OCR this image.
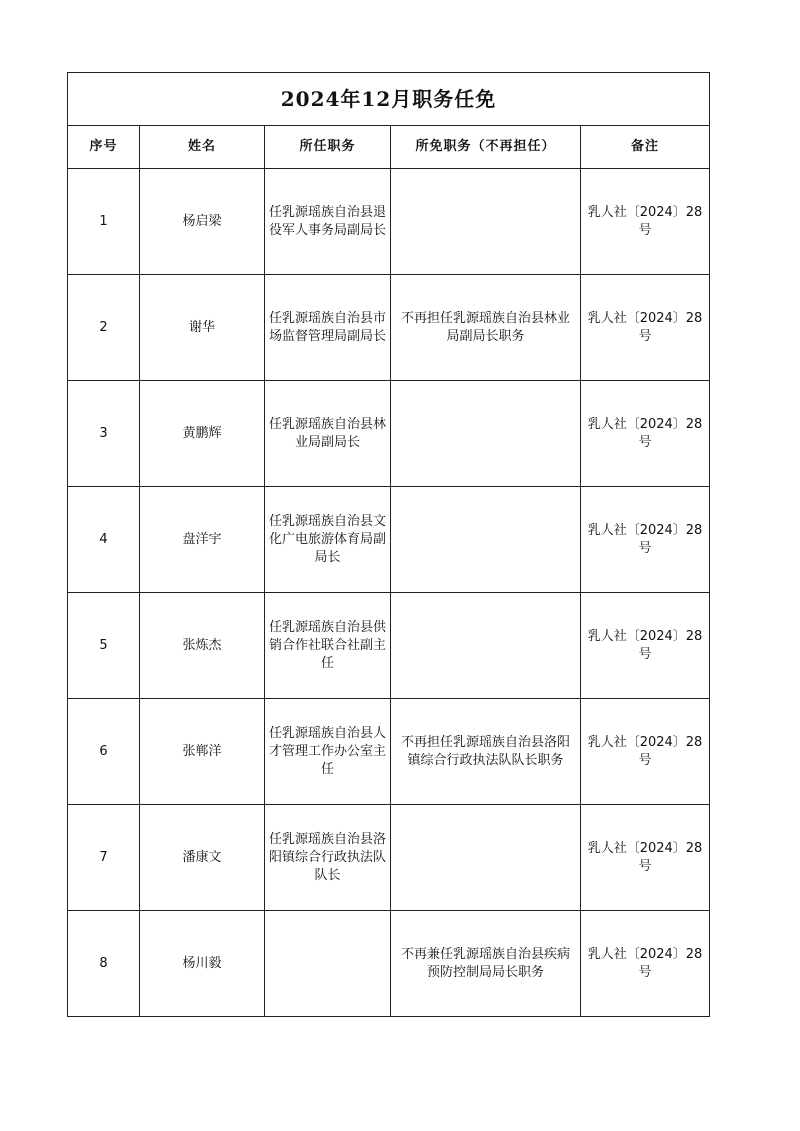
2024年12月职务任免				
序号	姓名	所任职务	所免职务（不再担任）	备注
1	杨启梁	任乳源瑶族自治县退役军人事务局副局长		乳人社〔2024〕28号
2	谢华	任乳源瑶族自治县市场监督管理局副局长	不再担任乳源瑶族自治县林业局副局长职务	乳人社〔2024〕28号
3	黄鹏辉	任乳源瑶族自治县林业局副局长		乳人社〔2024〕28号
4	盘洋宇	任乳源瑶族自治县文化广电旅游体育局副局长		乳人社〔2024〕28号
5	张炼杰	任乳源瑶族自治县供销合作社联合社副主任		乳人社〔2024〕28号
6	张郸洋	任乳源瑶族自治县人才管理工作办公室主任	不再担任乳源瑶族自治县洛阳镇综合行政执法队队长职务	乳人社〔2024〕28号
7	潘康文	任乳源瑶族自治县洛阳镇综合行政执法队队长		乳人社〔2024〕28号
8	杨川毅		不再兼任乳源瑶族自治县疾病预防控制局局长职务	乳人社〔2024〕28号
